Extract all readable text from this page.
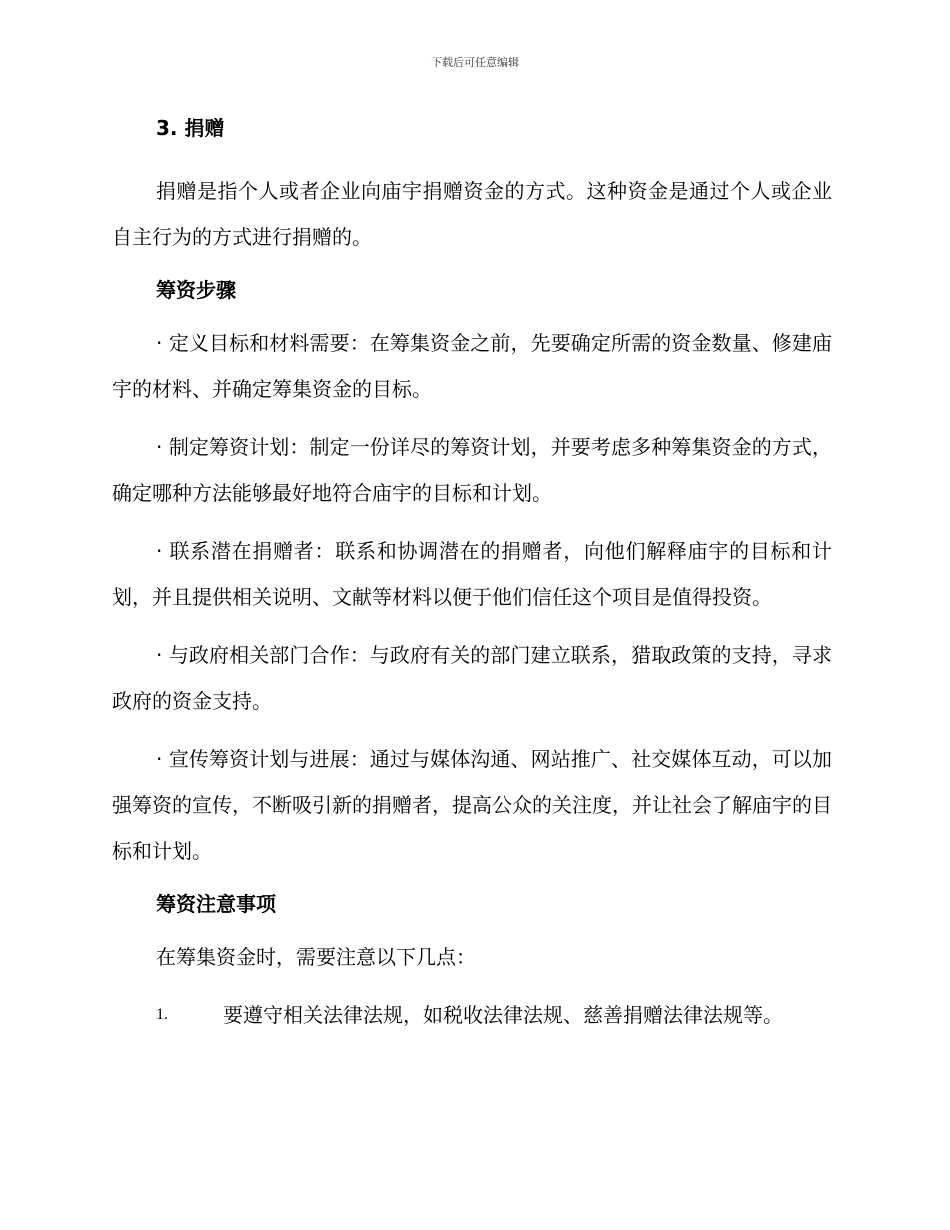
下载后可任意编辑
3. 捐赠

捐赠是指个人或者企业向庙宇捐赠资金的方式。这种资金是通过个人或企业自主行为的方式进行捐赠的。

筹资步骤

· 定义目标和材料需要：在筹集资金之前，先要确定所需的资金数量、修建庙宇的材料、并确定筹集资金的目标。

· 制定筹资计划：制定一份详尽的筹资计划，并要考虑多种筹集资金的方式，确定哪种方法能够最好地符合庙宇的目标和计划。

· 联系潜在捐赠者：联系和协调潜在的捐赠者，向他们解释庙宇的目标和计划，并且提供相关说明、文献等材料以便于他们信任这个项目是值得投资。

· 与政府相关部门合作：与政府有关的部门建立联系，猎取政策的支持，寻求政府的资金支持。

· 宣传筹资计划与进展：通过与媒体沟通、网站推广、社交媒体互动，可以加强筹资的宣传，不断吸引新的捐赠者，提高公众的关注度，并让社会了解庙宇的目标和计划。

筹资注意事项

在筹集资金时，需要注意以下几点：

1.	要遵守相关法律法规，如税收法律法规、慈善捐赠法律法规等。
